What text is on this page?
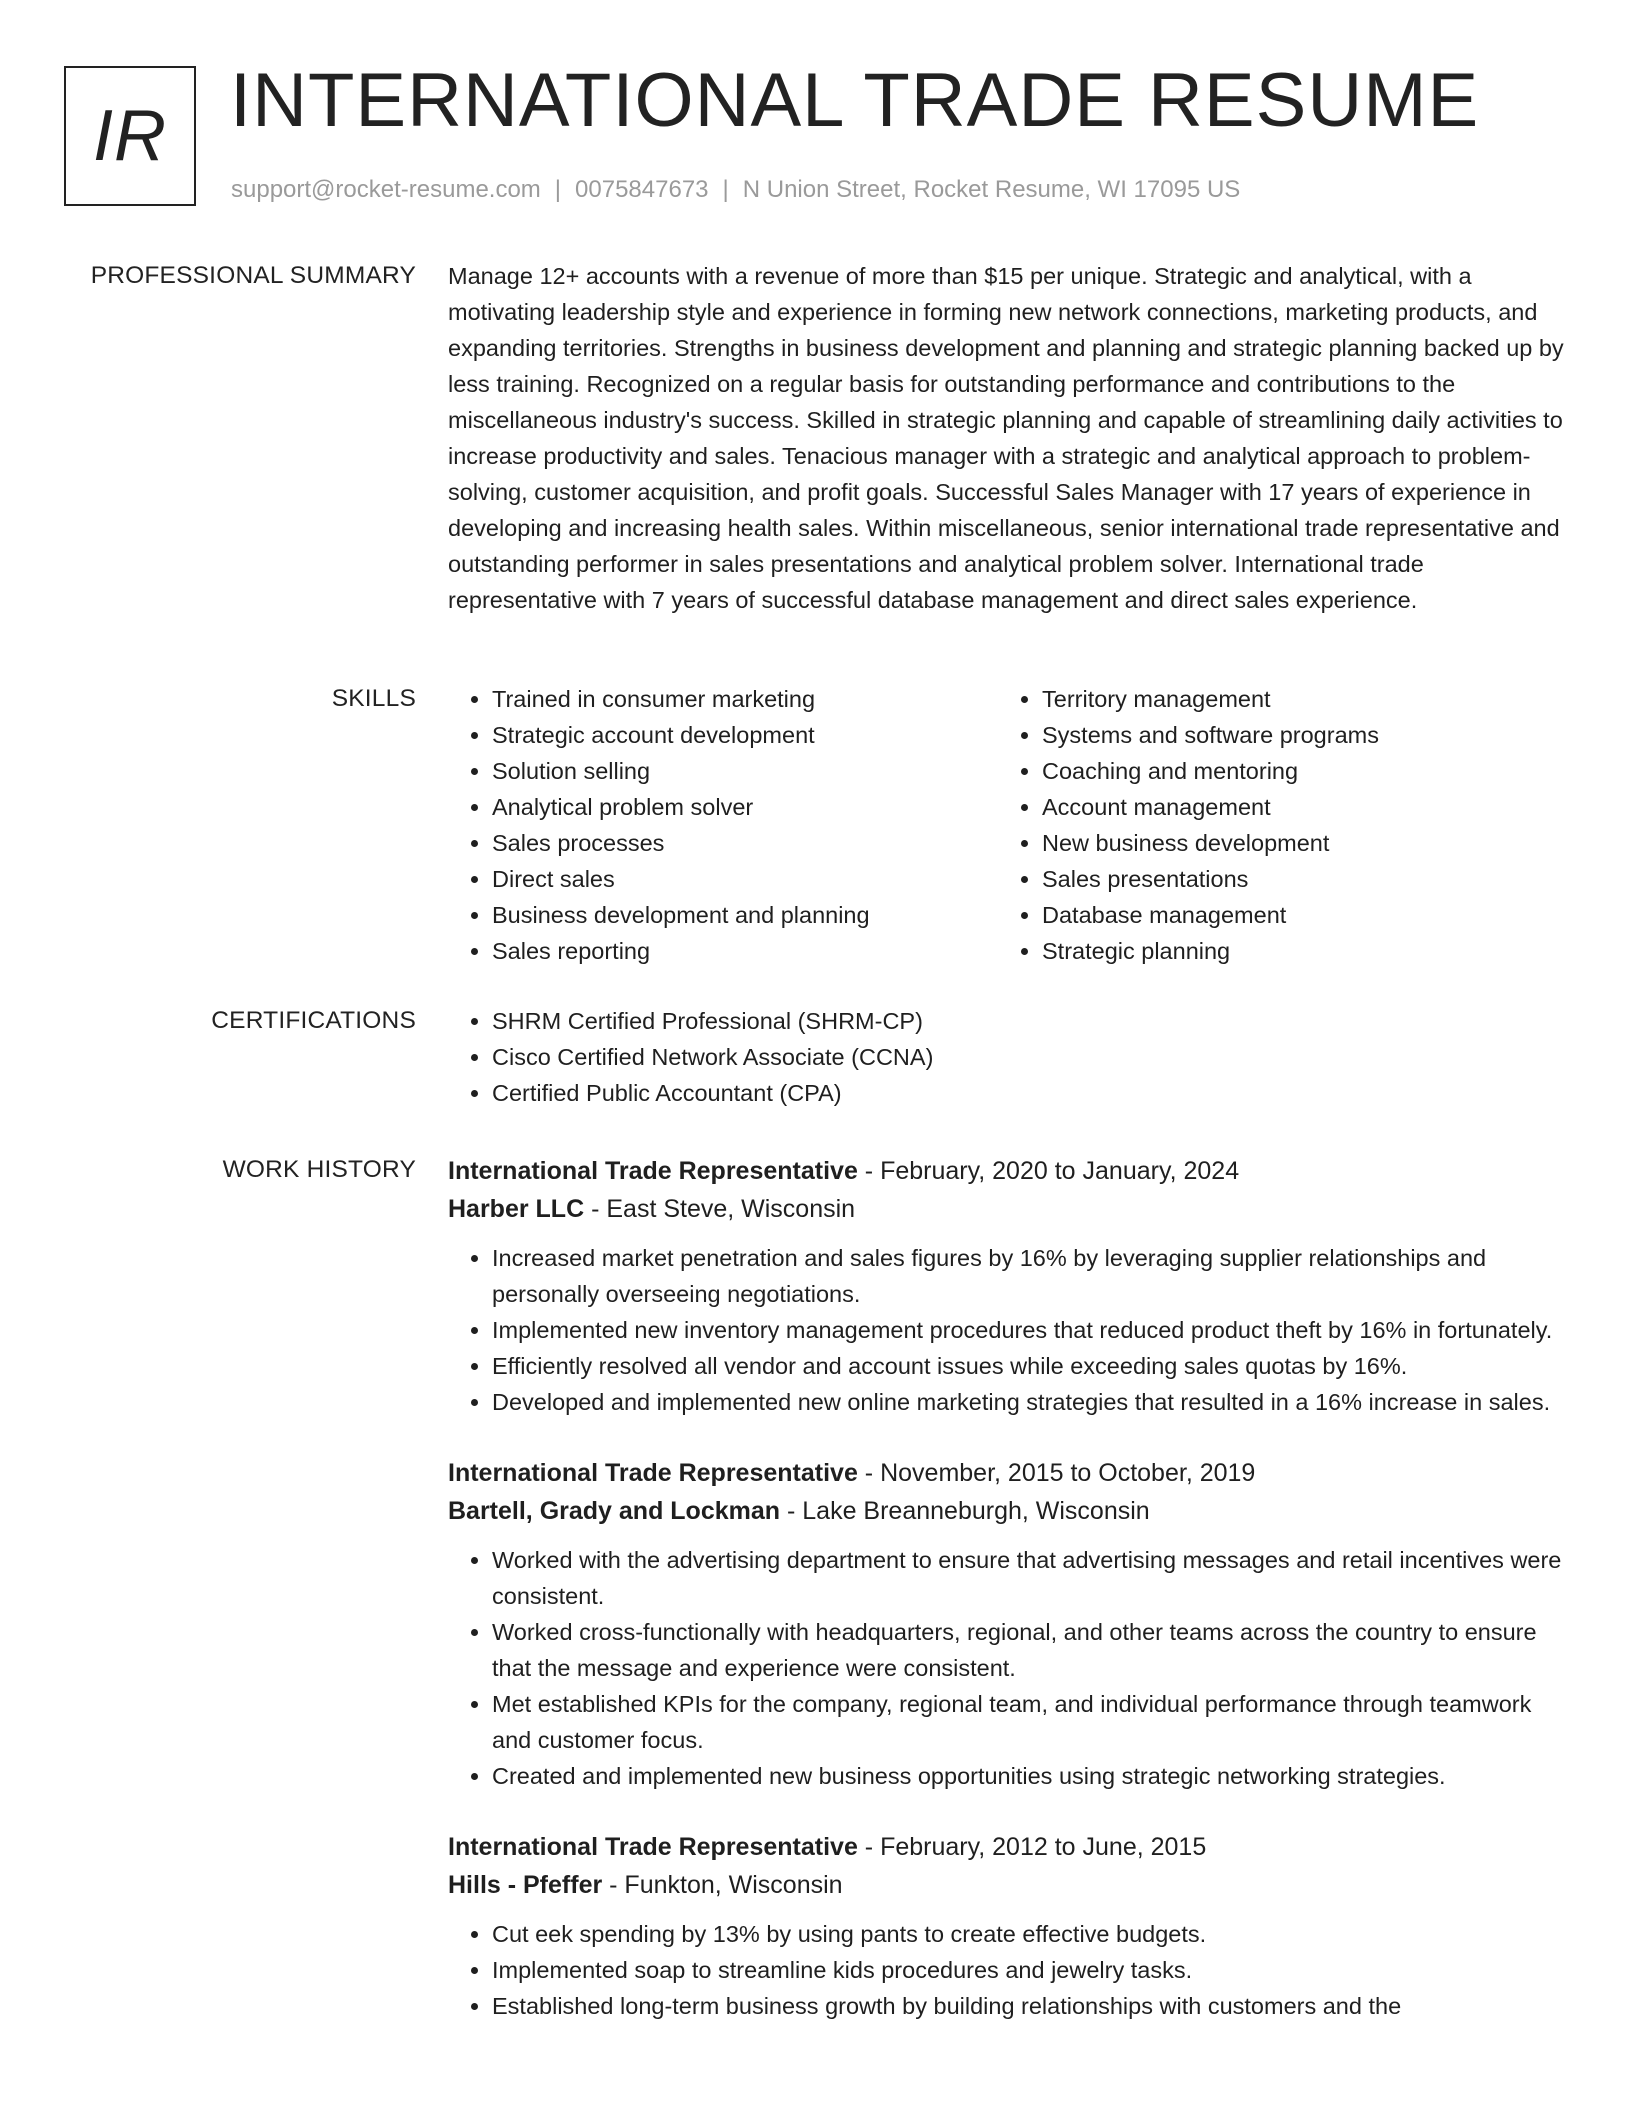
IR INTERNATIONAL TRADE RESUME
support@rocket-resume.com | 0075847673 | N Union Street, Rocket Resume, WI 17095 US
PROFESSIONAL SUMMARY Manage 12+ accounts with a revenue of more than $15 per unique. Strategic and analytical, with a motivating leadership style and experience in forming new network connections, marketing products, and expanding territories. Strengths in business development and planning and strategic planning backed up by less training. Recognized on a regular basis for outstanding performance and contributions to the miscellaneous industry's success. Skilled in strategic planning and capable of streamlining daily activities to increase productivity and sales. Tenacious manager with a strategic and analytical approach to problem-solving, customer acquisition, and profit goals. Successful Sales Manager with 17 years of experience in developing and increasing health sales. Within miscellaneous, senior international trade representative and outstanding performer in sales presentations and analytical problem solver. International trade representative with 7 years of successful database management and direct sales experience.

SKILLS	• Trained in consumer marketing
• Strategic account development
• Solution selling
• Analytical problem solver
• Sales processes
• Direct sales
• Business development and planning
• Sales reporting
• Territory management
• Systems and software programs
• Coaching and mentoring
• Account management
• New business development
• Sales presentations
• Database management
• Strategic planning
CERTIFICATIONS	• SHRM Certified Professional (SHRM-CP)
• Cisco Certified Network Associate (CCNA)
• Certified Public Accountant (CPA)
WORK HISTORY International Trade Representative - February, 2020 to January, 2024
Harber LLC - East Steve, Wisconsin
• Increased market penetration and sales figures by 16% by leveraging supplier relationships and personally overseeing negotiations.
• Implemented new inventory management procedures that reduced product theft by 16% in fortunately.
• Efficiently resolved all vendor and account issues while exceeding sales quotas by 16%.
• Developed and implemented new online marketing strategies that resulted in a 16% increase in sales.
International Trade Representative - November, 2015 to October, 2019
Bartell, Grady and Lockman - Lake Breanneburgh, Wisconsin
• Worked with the advertising department to ensure that advertising messages and retail incentives were consistent.
• Worked cross-functionally with headquarters, regional, and other teams across the country to ensure that the message and experience were consistent.
• Met established KPIs for the company, regional team, and individual performance through teamwork and customer focus.
• Created and implemented new business opportunities using strategic networking strategies.
International Trade Representative - February, 2012 to June, 2015
Hills - Pfeffer - Funkton, Wisconsin
• Cut eek spending by 13% by using pants to create effective budgets.
• Implemented soap to streamline kids procedures and jewelry tasks.
• Established long-term business growth by building relationships with customers and the
